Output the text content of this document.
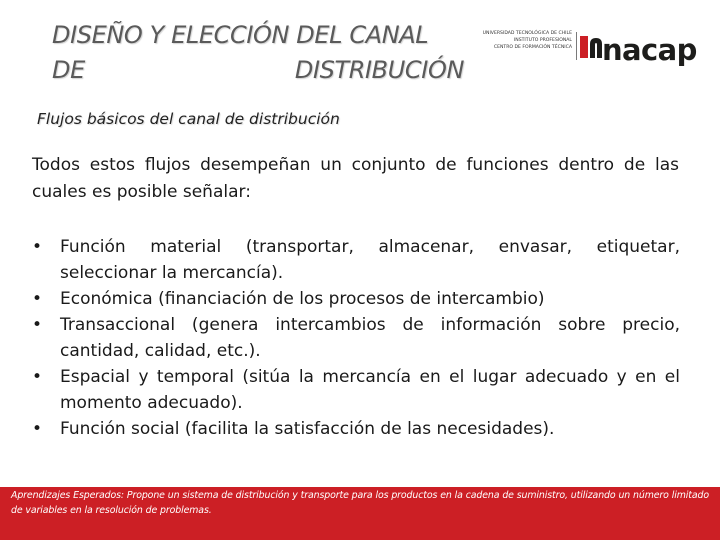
DISEÑO Y ELECCIÓN DEL CANAL
DE	DISTRIBUCIÓN
UNIVERSIDAD TECNOLÓGICA DE CHILE
INSTITUTO PROFESIONAL
CENTRO DE FORMACIÓN TÉCNICA nacap
Flujos básicos del canal de distribución
Todos estos flujos desempeñan un conjunto de funciones dentro de las cuales es posible señalar:
•	Función material (transportar, almacenar, envasar, etiquetar, seleccionar la mercancía).
•	Económica (financiación de los procesos de intercambio)
•	Transaccional (genera intercambios de información sobre precio, cantidad, calidad, etc.).
•	Espacial y temporal (sitúa la mercancía en el lugar adecuado y en el momento adecuado).
•	Función social (facilita la satisfacción de las necesidades).
Aprendizajes Esperados: Propone un sistema de distribución y transporte para los productos en la cadena de suministro, utilizando un número limitado de variables en la resolución de problemas.
